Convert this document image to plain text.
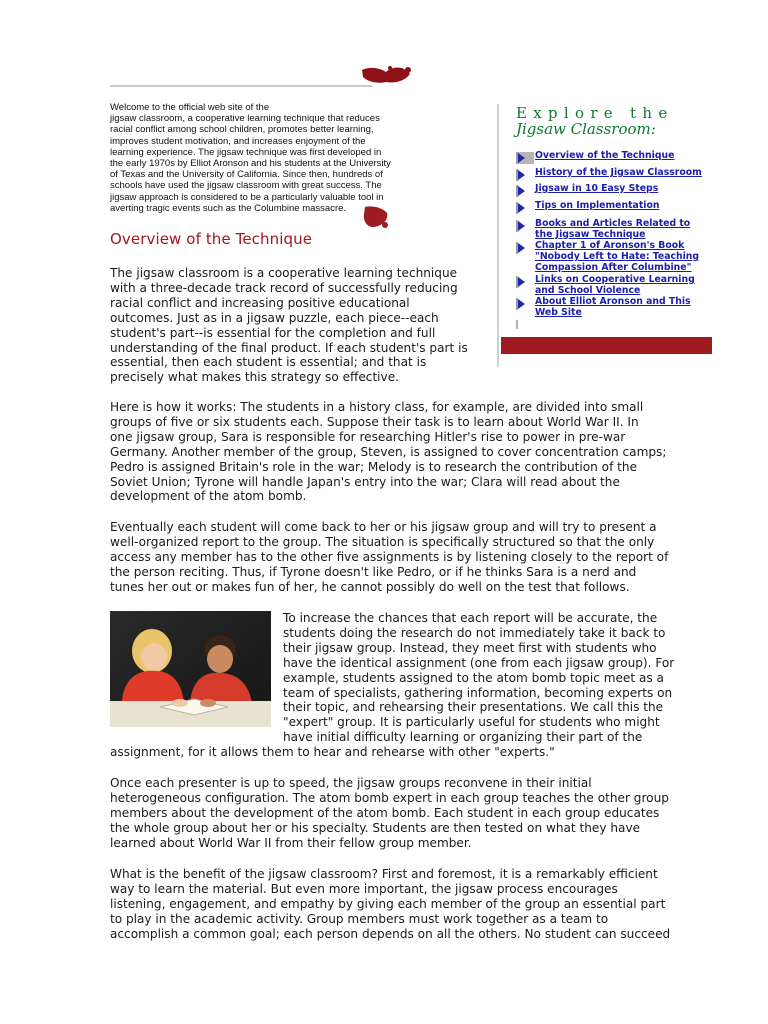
Welcome to the official web site of the
jigsaw classroom, a cooperative learning technique that reduces
racial conflict among school children, promotes better learning,
improves student motivation, and increases enjoyment of the
learning experience. The jigsaw technique was first developed in
the early 1970s by Elliot Aronson and his students at the University
of Texas and the University of California. Since then, hundreds of
schools have used the jigsaw classroom with great success. The
jigsaw approach is considered to be a particularly valuable tool in
averting tragic events such as the Columbine massacre.
Explore the
Jigsaw Classroom:
Overview of the Technique
History of the Jigsaw Classroom
Jigsaw in 10 Easy Steps
Tips on Implementation
Books and Articles Related to
the Jigsaw Technique
Chapter 1 of Aronson's Book
"Nobody Left to Hate: Teaching
Compassion After Columbine"
Links on Cooperative Learning
and School Violence
About Elliot Aronson and This
Web Site
Overview of the Technique
The jigsaw classroom is a cooperative learning technique
with a three-decade track record of successfully reducing
racial conflict and increasing positive educational
outcomes. Just as in a jigsaw puzzle, each piece--each
student's part--is essential for the completion and full
understanding of the final product. If each student's part is
essential, then each student is essential; and that is
precisely what makes this strategy so effective.
Here is how it works: The students in a history class, for example, are divided into small
groups of five or six students each. Suppose their task is to learn about World War II. In
one jigsaw group, Sara is responsible for researching Hitler's rise to power in pre-war
Germany. Another member of the group, Steven, is assigned to cover concentration camps;
Pedro is assigned Britain's role in the war; Melody is to research the contribution of the
Soviet Union; Tyrone will handle Japan's entry into the war; Clara will read about the
development of the atom bomb.
Eventually each student will come back to her or his jigsaw group and will try to present a
well-organized report to the group. The situation is specifically structured so that the only
access any member has to the other five assignments is by listening closely to the report of
the person reciting. Thus, if Tyrone doesn't like Pedro, or if he thinks Sara is a nerd and
tunes her out or makes fun of her, he cannot possibly do well on the test that follows.
To increase the chances that each report will be accurate, the
students doing the research do not immediately take it back to
their jigsaw group. Instead, they meet first with students who
have the identical assignment (one from each jigsaw group). For
example, students assigned to the atom bomb topic meet as a
team of specialists, gathering information, becoming experts on
their topic, and rehearsing their presentations. We call this the
"expert" group. It is particularly useful for students who might
have initial difficulty learning or organizing their part of the
assignment, for it allows them to hear and rehearse with other "experts."
Once each presenter is up to speed, the jigsaw groups reconvene in their initial
heterogeneous configuration. The atom bomb expert in each group teaches the other group
members about the development of the atom bomb. Each student in each group educates
the whole group about her or his specialty. Students are then tested on what they have
learned about World War II from their fellow group member.
What is the benefit of the jigsaw classroom? First and foremost, it is a remarkably efficient
way to learn the material. But even more important, the jigsaw process encourages
listening, engagement, and empathy by giving each member of the group an essential part
to play in the academic activity. Group members must work together as a team to
accomplish a common goal; each person depends on all the others. No student can succeed
